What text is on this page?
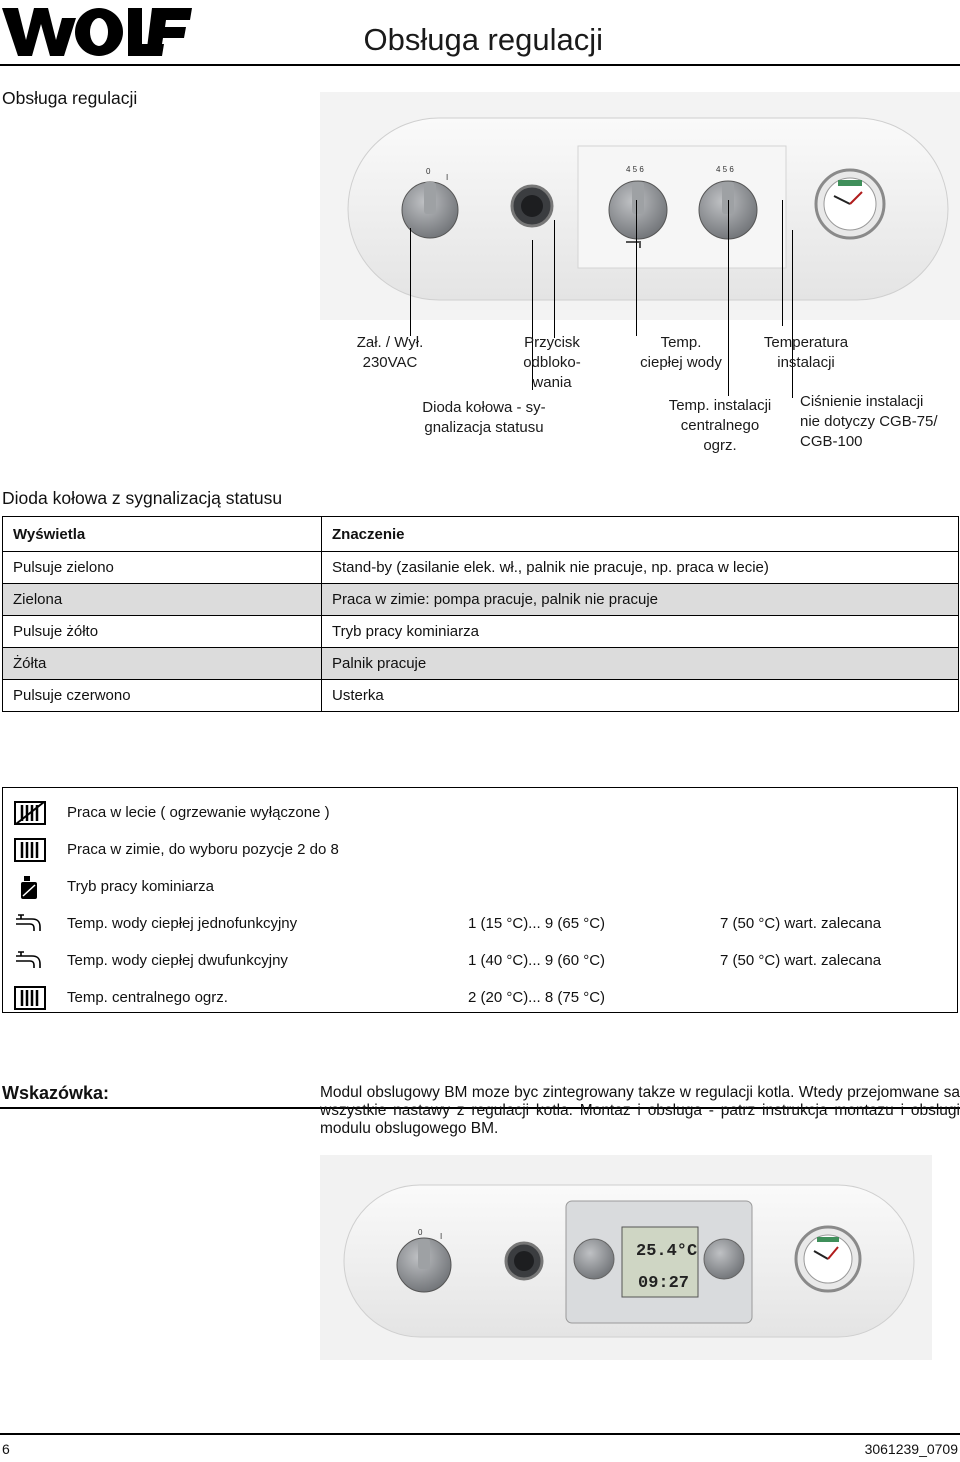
Obsługa regulacji
Obsługa regulacji
0
I
4 5 6	4 5 6
Zał. / Wył.
230VAC
Dioda kołowa - sy-
gnalizacja statusu
Przycisk
odbloko-
wania
Temp.
ciepłej wody
Temp. instalacji
centralnego
ogrz.
Temperatura
instalacji
Ciśnienie instalacji
nie dotyczy CGB-75/
CGB-100
Dioda kołowa z sygnalizacją statusu
Wyświetla	Znaczenie
Pulsuje zielono	Stand-by (zasilanie elek. wł., palnik nie pracuje, np. praca w lecie)
Zielona	Praca w zimie: pompa pracuje, palnik nie pracuje
Pulsuje żółto	Tryb pracy kominiarza
Żółta	Palnik pracuje
Pulsuje czerwono	Usterka
Praca w lecie ( ogrzewanie wyłączone )
Praca w zimie, do wyboru pozycje 2 do 8
Tryb pracy kominiarza
Temp. wody ciepłej jednofunkcyjny	1 (15 °C)... 9 (65 °C)	7 (50 °C) wart. zalecana
Temp. wody ciepłej dwufunkcyjny	1 (40 °C)... 9 (60 °C)	7 (50 °C) wart. zalecana
Temp. centralnego ogrz.	2 (20 °C)... 8 (75 °C)
Wskazówka:	Modul obslugowy BM moze byc zintegrowany takze w regulacji kotla. Wtedy przejomwane sa wszystkie nastawy z regulacji kotla. Montaz i obsluga - patrz instrukcja montazu i obslugi modulu obslugowego BM.
0 I
25.4°C
09:27
6	3061239_0709
